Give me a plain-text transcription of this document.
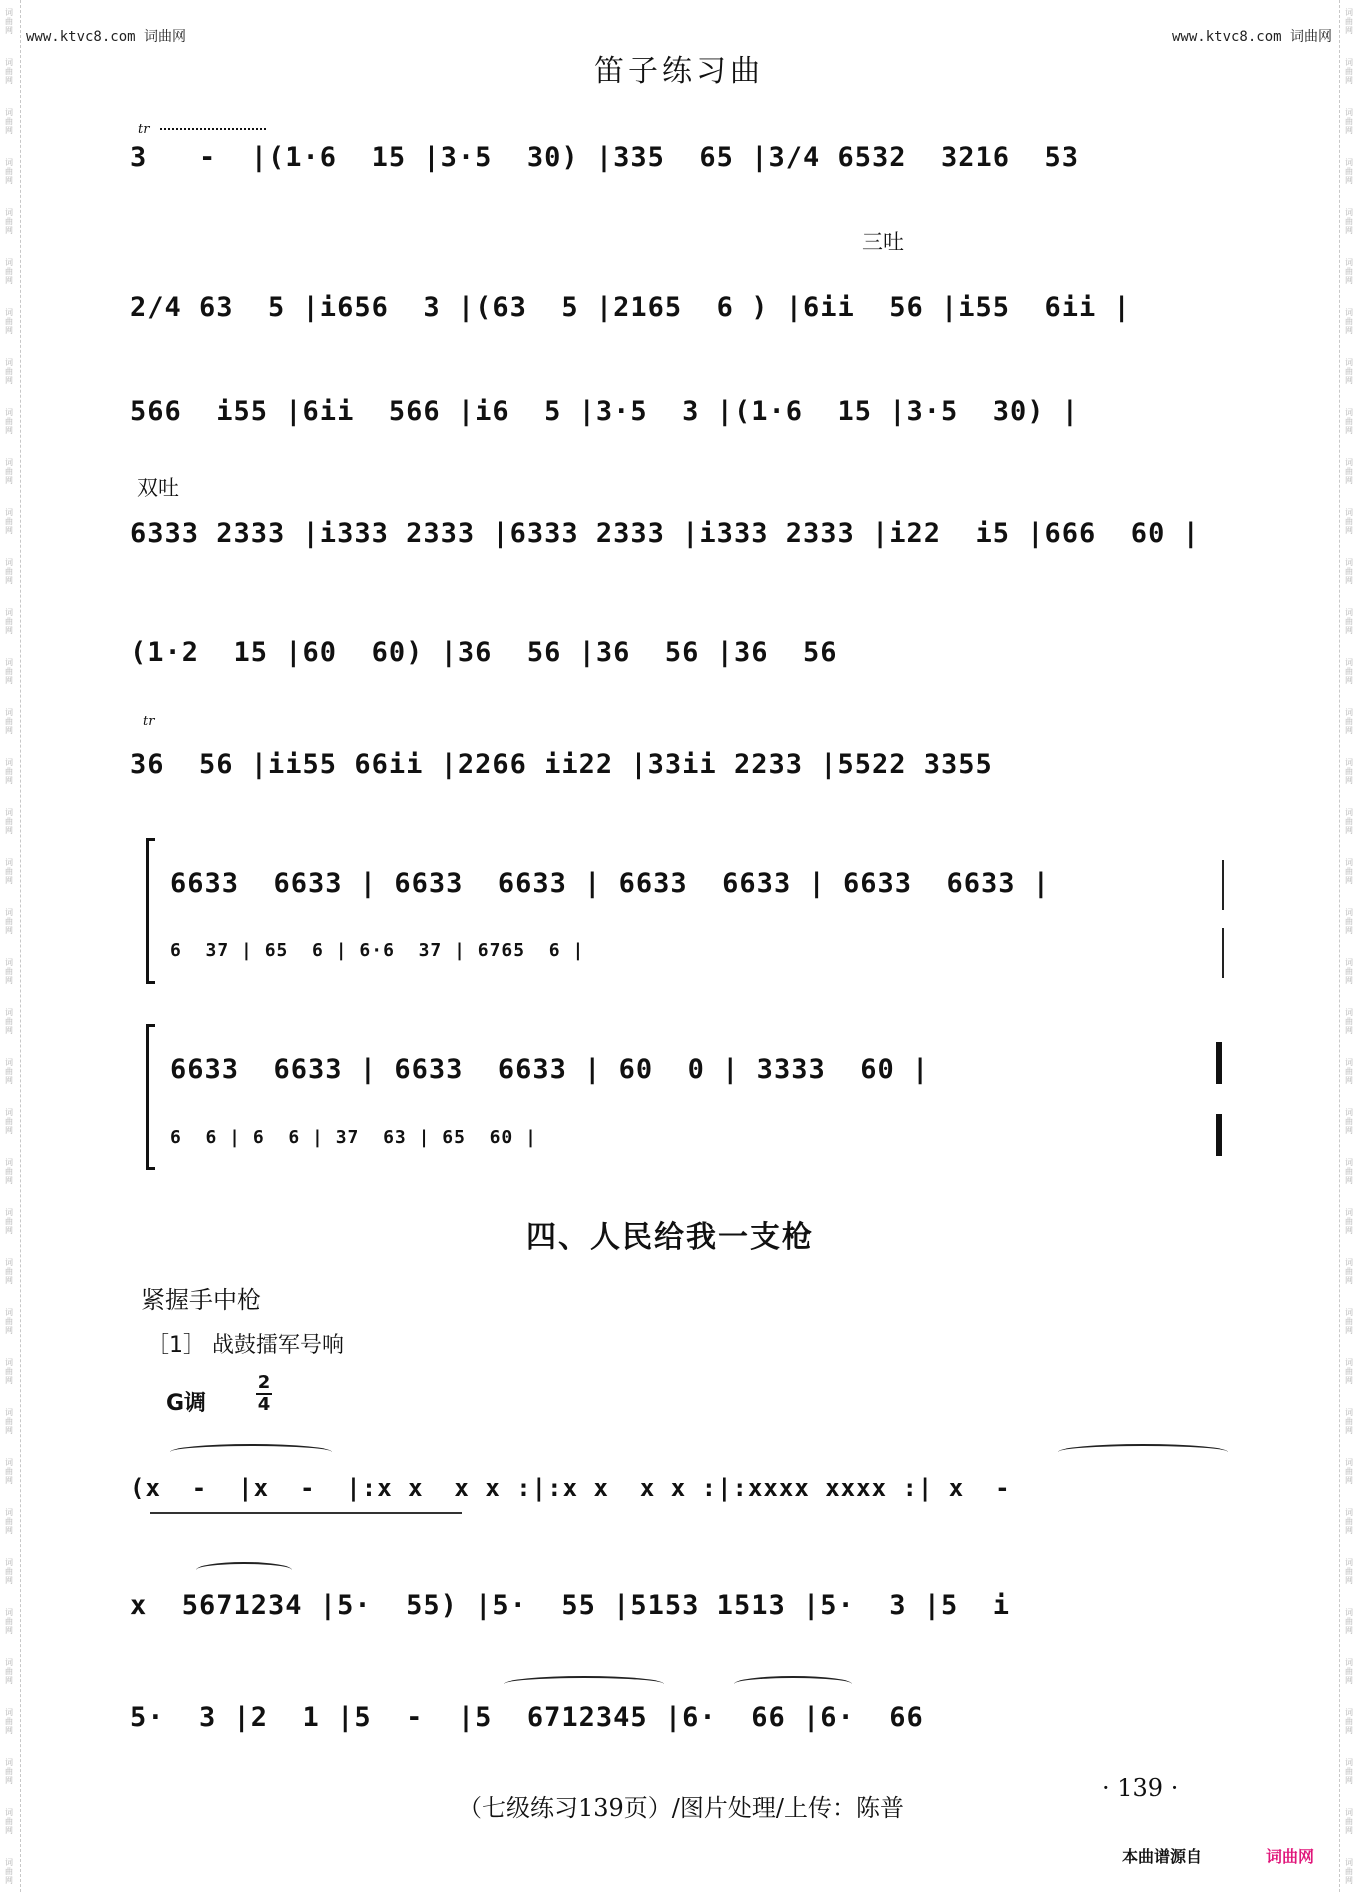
词
曲
网
词
曲
网
词
曲
网
词
曲
网
词
曲
网
词
曲
网
词
曲
网
词
曲
网
词
曲
网
词
曲
网
词
曲
网
词
曲
网
词
曲
网
词
曲
网
词
曲
网
词
曲
网
词
曲
网
词
曲
网
词
曲
网
词
曲
网
词
曲
网
词
曲
网
词
曲
网
词
曲
网
词
曲
网
词
曲
网
词
曲
网
词
曲
网
词
曲
网
词
曲
网
词
曲
网
词
曲
网
词
曲
网
词
曲
网
词
曲
网
词
曲
网
词
曲
网
词
曲
网
词
曲
网
词
曲
网
词
曲
网
词
曲
网
词
曲
网
词
曲
网
词
曲
网
词
曲
网
词
曲
网
词
曲
网
词
曲
网
词
曲
网
词
曲
网
词
曲
网
词
曲
网
词
曲
网
词
曲
网
词
曲
网
词
曲
网
词
曲
网
词
曲
网
词
曲
网
词
曲
网
词
曲
网
词
曲
网
词
曲
网
词
曲
网
词
曲
网
词
曲
网
词
曲
网
词
曲
网
词
曲
网
词
曲
网
词
曲
网
词
曲
网
词
曲
网
词
曲
网
词
曲
网
www.ktvc8.com 词曲网	www.ktvc8.com 词曲网
笛子练习曲
tr
3   -  |(1·6  15 |3·5  30) |335  65 |3/4 6532  3216  53
三吐
2/4 63  5 |i656  3 |(63  5 |2165  6 ) |6ii  56 |i55  6ii |
566  i55 |6ii  566 |i6  5 |3·5  3 |(1·6  15 |3·5  30) |
双吐
6333 2333 |i333 2333 |6333 2333 |i333 2333 |i22  i5 |666  60 |
(1·2  15 |60  60) |36  56 |36  56 |36  56
tr
36  56 |ii55 66ii |2266 ii22 |33ii 2233 |5522 3355
6633  6633 | 6633  6633 | 6633  6633 | 6633  6633 |
6  37 | 65  6 | 6·6  37 | 6765  6 |
6633  6633 | 6633  6633 | 60  0 | 3333  60 |
6  6 | 6  6 | 37  63 | 65  60 |
四、人民给我一支枪
紧握手中枪
［1］ 战鼓擂军号响
G调
2
4
(x  -  |x  -  |:x x  x x :|:x x  x x :|:xxxx xxxx :| x  -
x  5671234 |5·  55) |5·  55 |5153 1513 |5·  3 |5  i
5·  3 |2  1 |5  -  |5  6712345 |6·  66 |6·  66
· 139 ·
（七级练习139页）/图片处理/上传：陈普
本曲谱源自	词曲网
